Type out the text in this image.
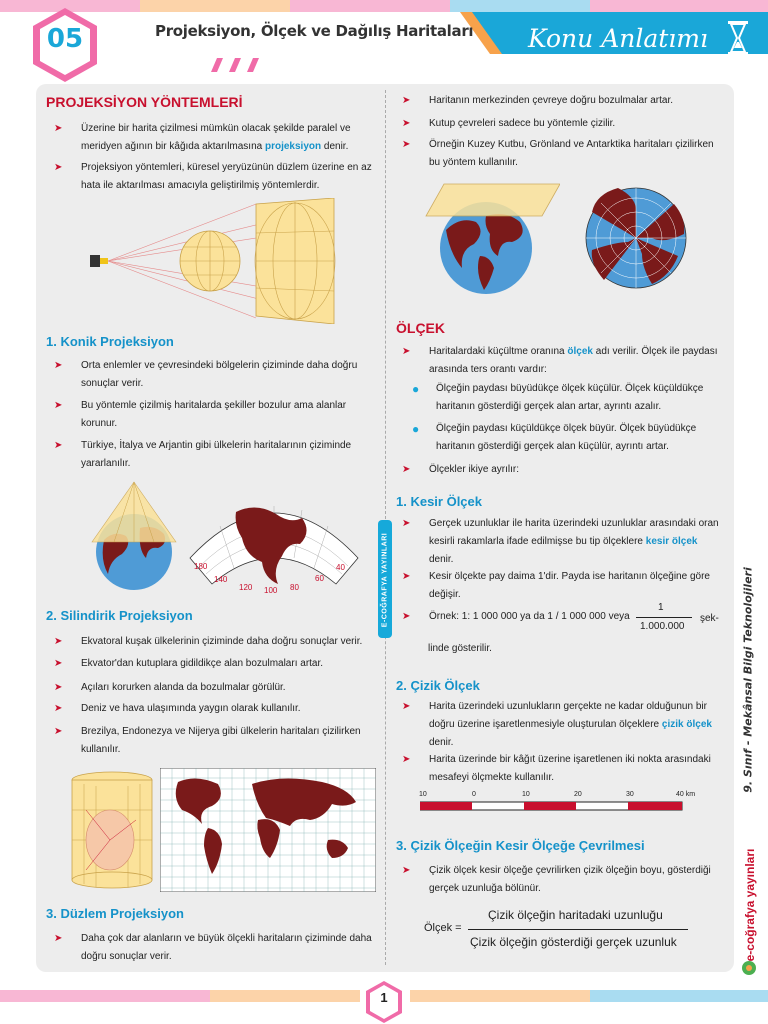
05	Projeksiyon, Ölçek ve Dağılış Haritaları Konu Anlatımı
PROJEKSİYON YÖNTEMLERİ
➤ Üzerine bir harita çizilmesi mümkün olacak şekilde paralel ve meridyen ağının bir kâğıda aktarılmasına projeksiyon denir.
➤ Projeksiyon yöntemleri, küresel yeryüzünün düzlem üzerine en az hata ile aktarılması amacıyla geliştirilmiş yöntemlerdir.
1. Konik Projeksiyon
➤ Orta enlemler ve çevresindeki bölgelerin çiziminde daha doğru sonuçlar verir.
➤ Bu yöntemle çizilmiş haritalarda şekiller bozulur ama alanlar korunur.
➤ Türkiye, İtalya ve Arjantin gibi ülkelerin haritalarının çiziminde yararlanılır.
180
140
120 100 80
60
40
2. Silindirik Projeksiyon
➤ Ekvatoral kuşak ülkelerinin çiziminde daha doğru sonuçlar verir.
➤ Ekvator'dan kutuplara gidildikçe alan bozulmaları artar.
➤ Açıları korurken alanda da bozulmalar görülür.
➤ Deniz ve hava ulaşımında yaygın olarak kullanılır.
➤ Brezilya, Endonezya ve Nijerya gibi ülkelerin haritaları çizilirken kullanılır.
3. Düzlem Projeksiyon
➤ Daha çok dar alanların ve büyük ölçekli haritaların çiziminde daha doğru sonuçlar verir.
E-COĞRAFYA YAYINLARI
➤ Haritanın merkezinden çevreye doğru bozulmalar artar.
➤ Kutup çevreleri sadece bu yöntemle çizilir.
➤ Örneğin Kuzey Kutbu, Grönland ve Antarktika haritaları çizilirken bu yöntem kullanılır.
ÖLÇEK
➤ Haritalardaki küçültme oranına ölçek adı verilir. Ölçek ile paydası arasında ters orantı vardır:
● Ölçeğin paydası büyüdükçe ölçek küçülür. Ölçek küçüldükçe haritanın gösterdiği gerçek alan artar, ayrıntı azalır.
● Ölçeğin paydası küçüldükçe ölçek büyür. Ölçek büyüdükçe haritanın gösterdiği gerçek alan küçülür, ayrıntı artar.
➤ Ölçekler ikiye ayrılır:
1. Kesir Ölçek
➤ Gerçek uzunluklar ile harita üzerindeki uzunluklar arasındaki oran kesirli rakamlarla ifade edilmişse bu tip ölçeklere kesir ölçek denir.
➤ Kesir ölçekte pay daima 1'dir. Payda ise haritanın ölçeğine göre değişir.
➤ Örnek: 1: 1 000 000 ya da 1 / 1 000 000 veya
1
1.000.000
şek-
linde gösterilir.
2. Çizik Ölçek
➤ Harita üzerindeki uzunlukların gerçekte ne kadar olduğunun bir doğru üzerine işaretlenmesiyle oluşturulan ölçeklere çizik ölçek denir.
➤ Harita üzerinde bir kâğıt üzerine işaretlenen iki nokta arasındaki mesafeyi ölçmekte kullanılır.
10	0	10	20	30	40 km
3. Çizik Ölçeğin Kesir Ölçeğe Çevrilmesi
➤ Çizik ölçek kesir ölçeğe çevrilirken çizik ölçeğin boyu, gösterdiği gerçek uzunluğa bölünür.
Ölçek =
Çizik ölçeğin haritadaki uzunluğu
Çizik ölçeğin gösterdiği gerçek uzunluk
9. Sınıf - Mekânsal Bilgi Teknolojileri
e-coğrafya yayınları
1
